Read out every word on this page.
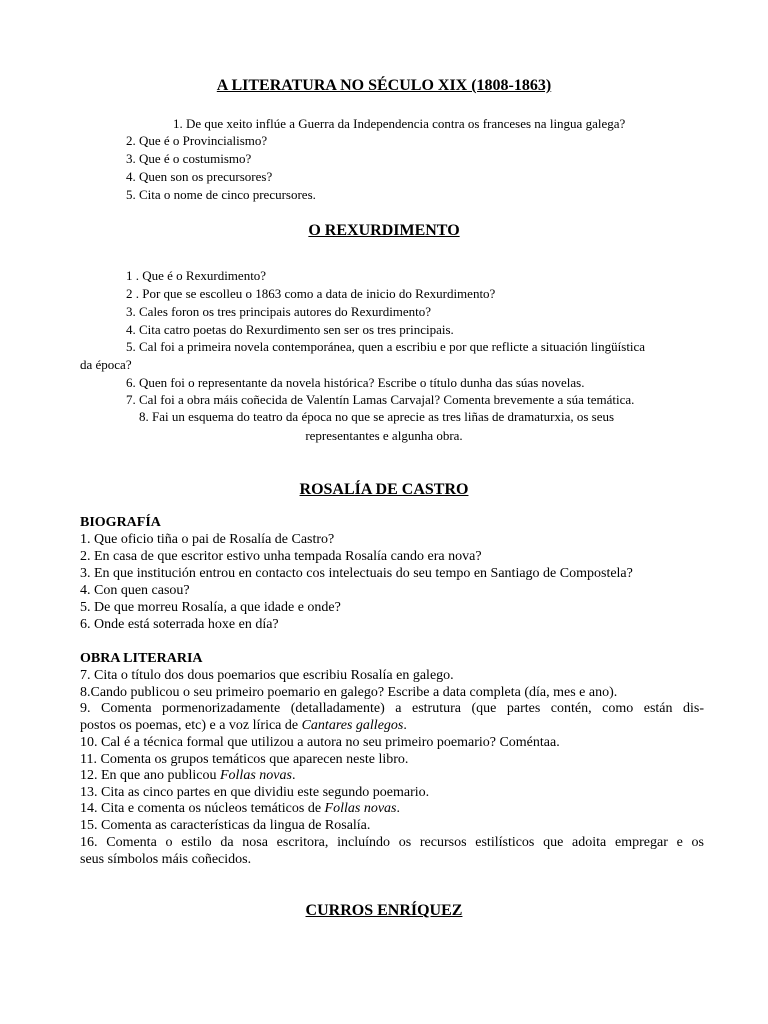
A LITERATURA NO SÉCULO XIX (1808-1863)
1. De que xeito inflúe a Guerra da Independencia contra os franceses na lingua galega?
2. Que é o Provincialismo?
3. Que é o costumismo?
4. Quen son os precursores?
5. Cita o nome de cinco precursores.
O REXURDIMENTO
1 . Que é o Rexurdimento?
2 . Por que se escolleu o 1863 como a data de inicio do Rexurdimento?
3. Cales foron os tres principais autores do Rexurdimento?
4. Cita catro poetas do Rexurdimento sen ser os tres principais.
5. Cal foi a primeira novela contemporánea, quen a escribiu e por que reflicte a situación lingüística
da época?
6. Quen foi o representante da novela histórica? Escribe o título dunha das súas novelas.
7. Cal foi a obra máis coñecida de Valentín Lamas Carvajal? Comenta brevemente a súa temática.
8. Fai un esquema do teatro da época no que se aprecie as tres liñas de dramaturxia, os seus
representantes e algunha obra.
ROSALÍA DE CASTRO
BIOGRAFÍA
1. Que oficio tiña o pai de Rosalía de Castro?
2. En casa de que escritor estivo unha tempada Rosalía cando era nova?
3. En que institución entrou en contacto cos intelectuais do seu tempo en Santiago de Compostela?
4. Con quen casou?
5. De que morreu Rosalía, a que idade e onde?
6. Onde está soterrada hoxe en día?
OBRA LITERARIA
7. Cita o título dos dous poemarios que escribiu Rosalía en galego.
8.Cando publicou o seu primeiro poemario en galego? Escribe a data completa (día, mes e ano).
9. Comenta pormenorizadamente (detalladamente) a estrutura (que partes contén, como están dis-
postos os poemas, etc) e a voz lírica de Cantares gallegos.
10. Cal é a técnica formal que utilizou a autora no seu primeiro poemario? Coméntaa.
11. Comenta os grupos temáticos que aparecen neste libro.
12. En que ano publicou Follas novas.
13. Cita as cinco partes en que dividiu este segundo poemario.
14. Cita e comenta os núcleos temáticos de Follas novas.
15. Comenta as características da lingua de Rosalía.
16. Comenta o estilo da nosa escritora, incluíndo os recursos estilísticos que adoita empregar e os
seus símbolos máis coñecidos.
CURROS ENRÍQUEZ
